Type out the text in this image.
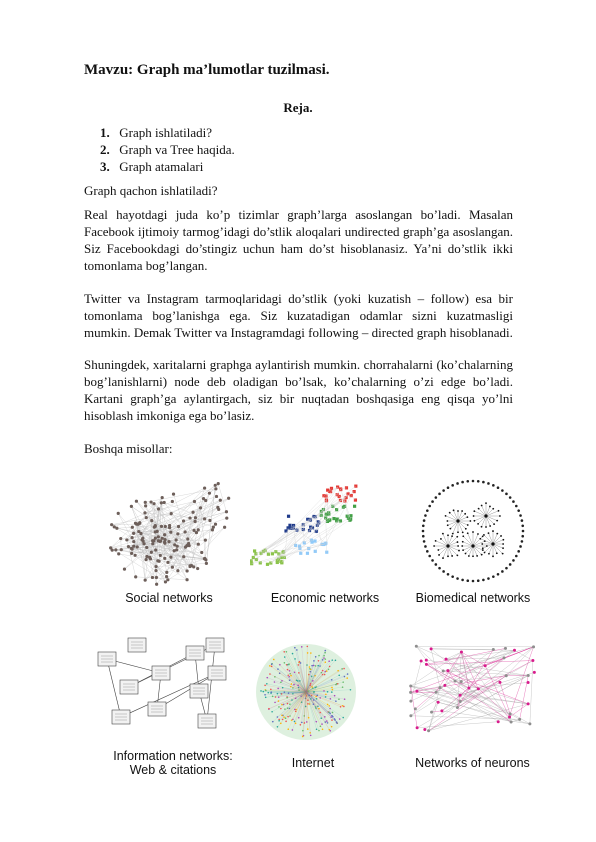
Mavzu: Graph ma’lumotlar tuzilmasi.
Reja.
1. Graph ishlatiladi?
2. Graph va Tree haqida.
3. Graph atamalari

Graph qachon ishlatiladi?

Real hayotdagi juda ko’p tizimlar graph’larga asoslangan bo’ladi. Masalan Facebook ijtimoiy tarmog’idagi do’stlik aloqalari undirected graph’ga asoslangan. Siz Facebookdagi do’stingiz uchun ham do’st hisoblanasiz. Ya’ni do’stlik ikki tomonlama bog’langan.

Twitter va Instagram tarmoqlaridagi do’stlik (yoki kuzatish – follow) esa bir tomonlama bog’lanishga ega. Siz kuzatadigan odamlar sizni kuzatmasligi mumkin. Demak Twitter va Instagramdagi following – directed graph hisoblanadi.

Shuningdek, xaritalarni graphga aylantirish mumkin. chorrahalarni (ko’chalarning bog’lanishlarni) node deb oladigan bo’lsak, ko’chalarning o’zi edge bo’ladi. Kartani graph’ga aylantirgach, siz bir nuqtadan boshqasiga eng qisqa yo’lni hisoblash imkoniga ega bo’lasiz.

Boshqa misollar:

Social networks	Economic networks	Biomedical networks
Information networks:
Web & citations	Internet	Networks of neurons
